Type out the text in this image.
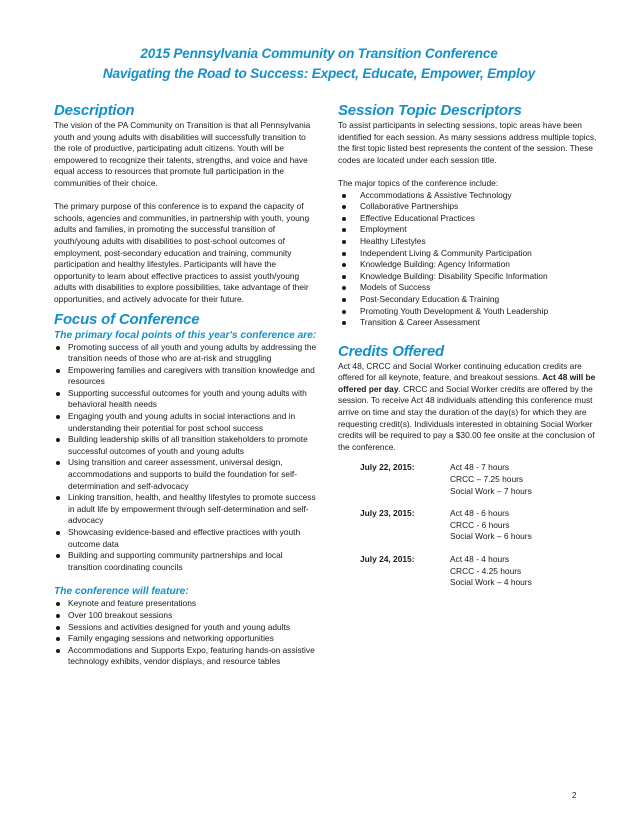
2015 Pennsylvania Community on Transition Conference
Navigating the Road to Success: Expect, Educate, Empower, Employ
Description

The vision of the PA Community on Transition is that all Pennsylvania youth and young adults with disabilities will successfully transition to the role of productive, participating adult citizens. Youth will be empowered to recognize their talents, strengths, and voice and have equal access to resources that promote full participation in the communities of their choice.

The primary purpose of this conference is to expand the capacity of schools, agencies and communities, in partnership with youth, young adults and families, in promoting the successful transition of youth/young adults with disabilities to post-school outcomes of employment, post-secondary education and training, community participation and healthy lifestyles. Participants will have the opportunity to learn about effective practices to assist youth/young adults with disabilities to explore possibilities, take advantage of their opportunities, and actively advocate for their future.

Focus of Conference
The primary focal points of this year's conference are:
Promoting success of all youth and young adults by addressing the transition needs of those who are at-risk and struggling
Empowering families and caregivers with transition knowledge and resources
Supporting successful outcomes for youth and young adults with behavioral health needs
Engaging youth and young adults in social interactions and in understanding their potential for post school success
Building leadership skills of all transition stakeholders to promote successful outcomes of youth and young adults
Using transition and career assessment, universal design, accommodations and supports to build the foundation for self-determination and self-advocacy
Linking transition, health, and healthy lifestyles to promote success in adult life by empowerment through self-determination and self-advocacy
Showcasing evidence-based and effective practices with youth outcome data
Building and supporting community partnerships and local transition coordinating councils
The conference will feature:
Keynote and feature presentations
Over 100 breakout sessions
Sessions and activities designed for youth and young adults
Family engaging sessions and networking opportunities
Accommodations and Supports Expo, featuring hands-on assistive technology exhibits, vendor displays, and resource tables
Session Topic Descriptors

To assist participants in selecting sessions, topic areas have been identified for each session. As many sessions address multiple topics, the first topic listed best represents the content of the session. These codes are located under each session title.

The major topics of the conference include:

Accommodations & Assistive Technology
Collaborative Partnerships
Effective Educational Practices
Employment
Healthy Lifestyles
Independent Living & Community Participation
Knowledge Building: Agency Information
Knowledge Building: Disability Specific Information
Models of Success
Post-Secondary Education & Training
Promoting Youth Development & Youth Leadership
Transition & Career Assessment
Credits Offered

Act 48, CRCC and Social Worker continuing education credits are offered for all keynote, feature, and breakout sessions. Act 48 will be offered per day. CRCC and Social Worker credits are offered by the session. To receive Act 48 individuals attending this conference must arrive on time and stay the duration of the day(s) for which they are requesting credit(s). Individuals interested in obtaining Social Worker credits will be required to pay a $30.00 fee onsite at the conclusion of the conference.

July 22, 2015:	Act 48 - 7 hours
CRCC – 7.25 hours
Social Work – 7 hours
July 23, 2015:	Act 48 - 6 hours
CRCC - 6 hours
Social Work – 6 hours
July 24, 2015:	Act 48 - 4 hours
CRCC - 4.25 hours
Social Work – 4 hours
2
